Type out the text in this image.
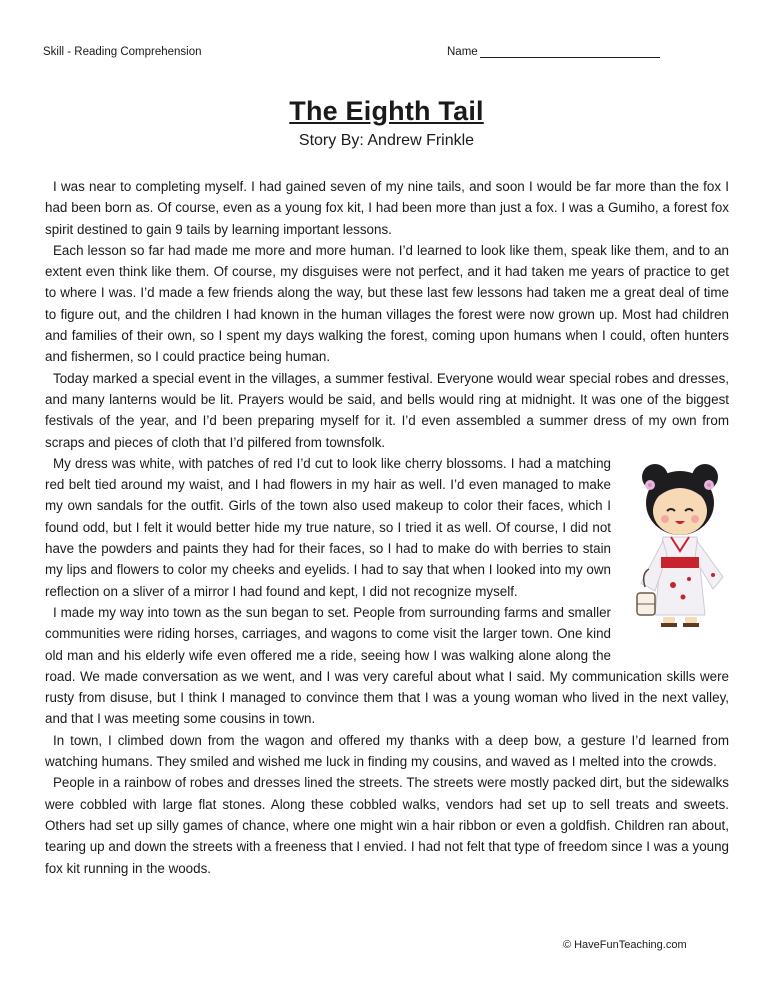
Skill - Reading Comprehension	Name
The Eighth Tail
Story By: Andrew Frinkle

I was near to completing myself. I had gained seven of my nine tails, and soon I would be far more than the fox I had been born as. Of course, even as a young fox kit, I had been more than just a fox. I was a Gumiho, a forest fox spirit destined to gain 9 tails by learning important lessons.

Each lesson so far had made me more and more human. I’d learned to look like them, speak like them, and to an extent even think like them. Of course, my disguises were not perfect, and it had taken me years of practice to get to where I was. I’d made a few friends along the way, but these last few lessons had taken me a great deal of time to figure out, and the children I had known in the human villages the forest were now grown up. Most had children and families of their own, so I spent my days walking the forest, coming upon humans when I could, often hunters and fishermen, so I could practice being human.

Today marked a special event in the villages, a summer festival. Everyone would wear special robes and dresses, and many lanterns would be lit. Prayers would be said, and bells would ring at midnight. It was one of the biggest festivals of the year, and I’d been preparing myself for it. I’d even assembled a summer dress of my own from scraps and pieces of cloth that I’d pilfered from townsfolk.

My dress was white, with patches of red I’d cut to look like cherry blossoms. I had a matching red belt tied around my waist, and I had flowers in my hair as well. I’d even managed to make my own sandals for the outfit. Girls of the town also used makeup to color their faces, which I found odd, but I felt it would better hide my true nature, so I tried it as well. Of course, I did not have the powders and paints they had for their faces, so I had to make do with berries to stain my lips and flowers to color my cheeks and eyelids. I had to say that when I looked into my own reflection on a sliver of a mirror I had found and kept, I did not recognize myself.

I made my way into town as the sun began to set. People from surrounding farms and smaller communities were riding horses, carriages, and wagons to come visit the larger town. One kind old man and his elderly wife even offered me a ride, seeing how I was walking alone along the road. We made conversation as we went, and I was very careful about what I said. My communication skills were rusty from disuse, but I think I managed to convince them that I was a young woman who lived in the next valley, and that I was meeting some cousins in town.

In town, I climbed down from the wagon and offered my thanks with a deep bow, a gesture I’d learned from watching humans. They smiled and wished me luck in finding my cousins, and waved as I melted into the crowds.

People in a rainbow of robes and dresses lined the streets. The streets were mostly packed dirt, but the sidewalks were cobbled with large flat stones. Along these cobbled walks, vendors had set up to sell treats and sweets. Others had set up silly games of chance, where one might win a hair ribbon or even a goldfish. Children ran about, tearing up and down the streets with a freeness that I envied. I had not felt that type of freedom since I was a young fox kit running in the woods.

© HaveFunTeaching.com
